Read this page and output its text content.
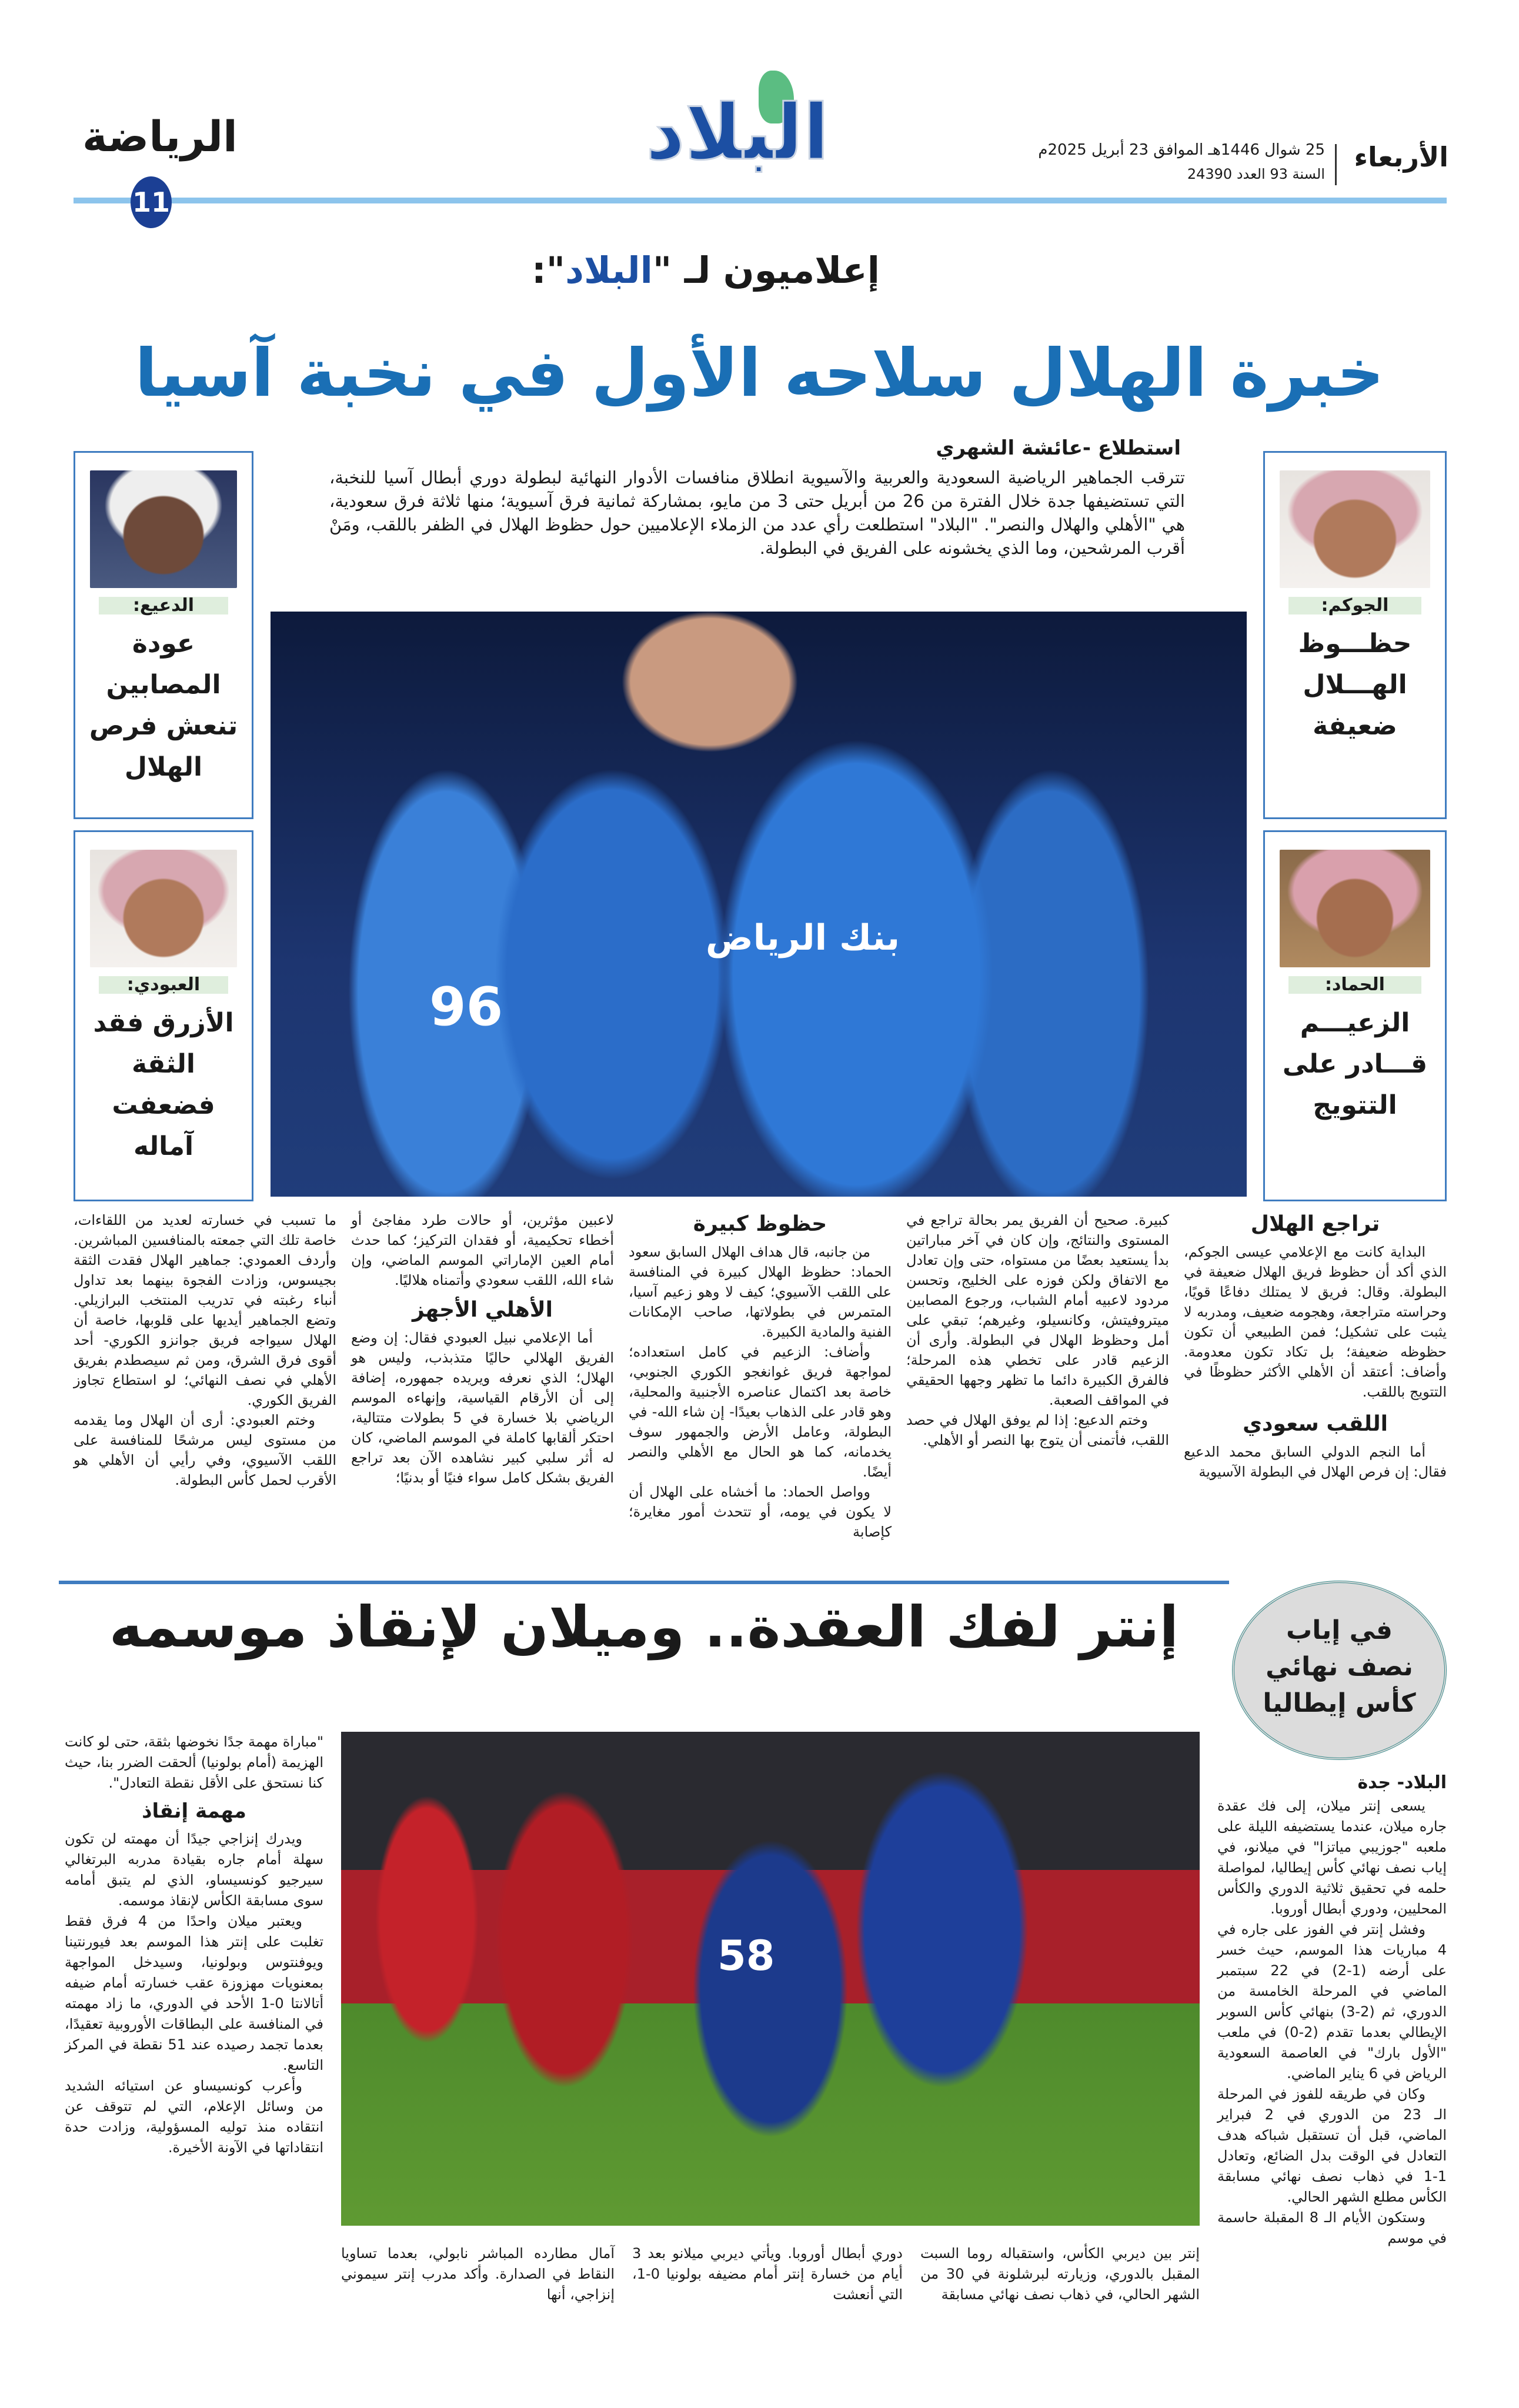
البلاد	الأربعاء
25 شوال 1446هـ الموافق 23 أبريل 2025م
السنة 93 العدد 24390
الرياضة
11
إعلاميون لـ "البلاد":
خبرة الهلال سلاحه الأول في نخبة آسيا
الجوكم:
حظـــوظ الهـــلال ضعيفة
الحماد:
الزعيـــم قـــادر على التتويج
الدعيع:
عودة المصابين تنعش فرص الهلال
العبودي:
الأزرق فقد الثقة فضعفت آماله
استطلاع -عائشة الشهري
تترقب الجماهير الرياضية السعودية والعربية والآسيوية انطلاق منافسات الأدوار النهائية لبطولة دوري أبطال آسيا للنخبة، التي تستضيفها جدة خلال الفترة من 26 من أبريل حتى 3 من مايو، بمشاركة ثمانية فرق آسيوية؛ منها ثلاثة فرق سعودية، هي "الأهلي والهلال والنصر". "البلاد" استطلعت رأي عدد من الزملاء الإعلاميين حول حظوظ الهلال في الظفر باللقب، ومَنْ أقرب المرشحين، وما الذي يخشونه على الفريق في البطولة.
بنك الرياض
96
تراجع الهلال

البداية كانت مع الإعلامي عيسى الجوكم، الذي أكد أن حظوظ فريق الهلال ضعيفة في البطولة. وقال: فريق لا يمتلك دفاعًا قويًا، وحراسته متراجعة، وهجومه ضعيف، ومدربه لا يثبت على تشكيل؛ فمن الطبيعي أن تكون حظوظه ضعيفة؛ بل تكاد تكون معدومة. وأضاف: أعتقد أن الأهلي الأكثر حظوظًا في التتويج باللقب.

اللقب سعودي

أما النجم الدولي السابق محمد الدعيع فقال: إن فرص الهلال في البطولة الآسيوية

كبيرة. صحيح أن الفريق يمر بحالة تراجع في المستوى والنتائج، وإن كان في آخر مباراتين بدأ يستعيد بعضًا من مستواه، حتى وإن تعادل مع الاتفاق ولكن فوزه على الخليج، وتحسن مردود لاعبيه أمام الشباب، ورجوع المصابين ميتروفيتش، وكانسيلو، وغيرهم؛ تبقي على أمل وحظوظ الهلال في البطولة. وأرى أن الزعيم قادر على تخطي هذه المرحلة؛ فالفرق الكبيرة دائما ما تظهر وجهها الحقيقي في المواقف الصعبة.

وختم الدعيع: إذا لم يوفق الهلال في حصد اللقب، فأتمنى أن يتوج بها النصر أو الأهلي.

حظوظ كبيرة

من جانبه، قال هداف الهلال السابق سعود الحماد: حظوظ الهلال كبيرة في المنافسة على اللقب الآسيوي؛ كيف لا وهو زعيم آسيا، المتمرس في بطولاتها، صاحب الإمكانات الفنية والمادية الكبيرة.

وأضاف: الزعيم في كامل استعداده؛ لمواجهة فريق غوانغجو الكوري الجنوبي، خاصة بعد اكتمال عناصره الأجنبية والمحلية، وهو قادر على الذهاب بعيدًا- إن شاء الله- في البطولة، وعامل الأرض والجمهور سوف يخدمانه، كما هو الحال مع الأهلي والنصر أيضًا.

وواصل الحماد: ما أخشاه على الهلال أن لا يكون في يومه، أو تتحدث أمور مغايرة؛ كإصابة

لاعبين مؤثرين، أو حالات طرد مفاجئ أو أخطاء تحكيمية، أو فقدان التركيز؛ كما حدث أمام العين الإماراتي الموسم الماضي، وإن شاء الله، اللقب سعودي وأتمناه هلاليًا.

الأهلي الأجهز

أما الإعلامي نبيل العبودي فقال: إن وضع الفريق الهلالي حاليًا متذبذب، وليس هو الهلال؛ الذي نعرفه ويريده جمهوره، إضافة إلى أن الأرقام القياسية، وإنهاءه الموسم الرياضي بلا خسارة في 5 بطولات متتالية، احتكر ألقابها كاملة في الموسم الماضي، كان له أثر سلبي كبير نشاهده الآن بعد تراجع الفريق بشكل كامل سواء فنيًا أو بدنيًا؛

ما تسبب في خسارته لعديد من اللقاءات، خاصة تلك التي جمعته بالمنافسين المباشرين. وأردف العمودي: جماهير الهلال فقدت الثقة بجيسوس، وزادت الفجوة بينهما بعد تداول أنباء رغبته في تدريب المنتخب البرازيلي. وتضع الجماهير أيديها على قلوبها، خاصة أن الهلال سيواجه فريق جوانزو الكوري- أحد أقوى فرق الشرق، ومن ثم سيصطدم بفريق الأهلي في نصف النهائي؛ لو استطاع تجاوز الفريق الكوري.

وختم العبودي: أرى أن الهلال وما يقدمه من مستوى ليس مرشحًا للمنافسة على اللقب الآسيوي، وفي رأيي أن الأهلي هو الأقرب لحمل كأس البطولة.

في إياب نصف نهائي كأس إيطاليا
إنتر لفك العقدة.. وميلان لإنقاذ موسمه
58

البلاد- جدة

يسعى إنتر ميلان، إلى فك عقدة جاره ميلان، عندما يستضيفه الليلة على ملعبه "جوزيبي مياتزا" في ميلانو، في إياب نصف نهائي كأس إيطاليا، لمواصلة حلمه في تحقيق ثلاثية الدوري والكأس المحليين، ودوري أبطال أوروبا.

وفشل إنتر في الفوز على جاره في 4 مباريات هذا الموسم، حيث خسر على أرضه (1-2) في 22 سبتمبر الماضي في المرحلة الخامسة من الدوري، ثم (2-3) بنهائي كأس السوبر الإيطالي بعدما تقدم (2-0) في ملعب "الأول بارك" في العاصمة السعودية الرياض في 6 يناير الماضي.

وكان في طريقه للفوز في المرحلة الـ 23 من الدوري في 2 فبراير الماضي، قبل أن تستقبل شباكه هدف التعادل في الوقت بدل الضائع، وتعادل 1-1 في ذهاب نصف نهائي مسابقة الكأس مطلع الشهر الحالي.

وستكون الأيام الـ 8 المقبلة حاسمة في موسم

إنتر بين ديربي الكأس، واستقباله روما السبت المقبل بالدوري، وزيارته لبرشلونة في 30 من الشهر الحالي، في ذهاب نصف نهائي مسابقة

دوري أبطال أوروبا. ويأتي ديربي ميلانو بعد 3 أيام من خسارة إنتر أمام مضيفه بولونيا 0-1، التي أنعشت

آمال مطارده المباشر نابولي، بعدما تساويا النقاط في الصدارة. وأكد مدرب إنتر سيموني إنزاجي، أنها

"مباراة مهمة جدًا نخوضها بثقة، حتى لو كانت الهزيمة (أمام بولونيا) ألحقت الضرر بنا، حيث كنا نستحق على الأقل نقطة التعادل".

مهمة إنقاذ

ويدرك إنزاجي جيدًا أن مهمته لن تكون سهلة أمام جاره بقيادة مدربه البرتغالي سيرجيو كونسيساو، الذي لم يتبق أمامه سوى مسابقة الكأس لإنقاذ موسمه.

ويعتبر ميلان واحدًا من 4 فرق فقط تغلبت على إنتر هذا الموسم بعد فيورنتينا ويوفنتوس وبولونيا، وسيدخل المواجهة بمعنويات مهزوزة عقب خسارته أمام ضيفه أتالانتا 0-1 الأحد في الدوري، ما زاد مهمته في المنافسة على البطاقات الأوروبية تعقيدًا، بعدما تجمد رصيده عند 51 نقطة في المركز التاسع.

وأعرب كونسيساو عن استيائه الشديد من وسائل الإعلام، التي لم تتوقف عن انتقاده منذ توليه المسؤولية، وزادت حدة انتقاداتها في الآونة الأخيرة.
